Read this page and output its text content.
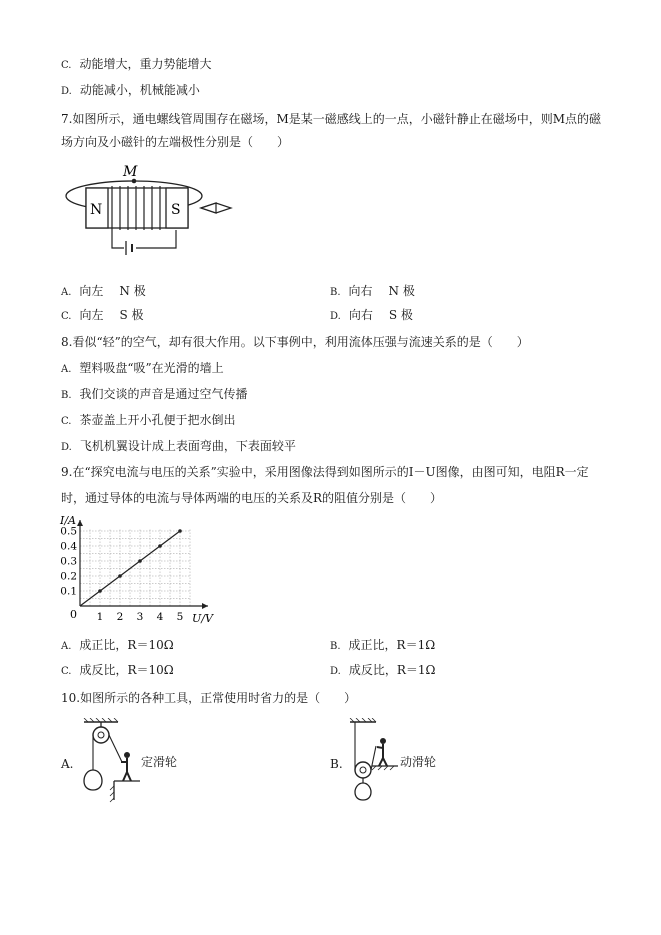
C. 动能增大，重力势能增大
D. 动能减小，机械能减小
7.如图所示，通电螺线管周围存在磁场，M是某一磁感线上的一点，小磁针静止在磁场中，则M点的磁
场方向及小磁针的左端极性分别是（　　）
M
N	S
A. 向左 N 极	B. 向右 N 极
C. 向左 S 极	D. 向右 S 极
8.看似“轻”的空气，却有很大作用。以下事例中，利用流体压强与流速关系的是（　　）
A. 塑料吸盘“吸”在光滑的墙上
B. 我们交谈的声音是通过空气传播
C. 茶壶盖上开小孔便于把水倒出
D. 飞机机翼设计成上表面弯曲，下表面较平
9.在“探究电流与电压的关系”实验中，采用图像法得到如图所示的I－U图像，由图可知，电阻R一定
时，通过导体的电流与导体两端的电压的关系及R的阻值分别是（　　）
I/A
U/V
0
0.1
0.2
0.3
0.4
0.5
1 2 3 4 5
A. 成正比，R＝10Ω	B. 成正比，R＝1Ω
C. 成反比，R＝10Ω	D. 成反比，R＝1Ω
10.如图所示的各种工具，正常使用时省力的是（　　）
A.	定滑轮	B.	动滑轮
